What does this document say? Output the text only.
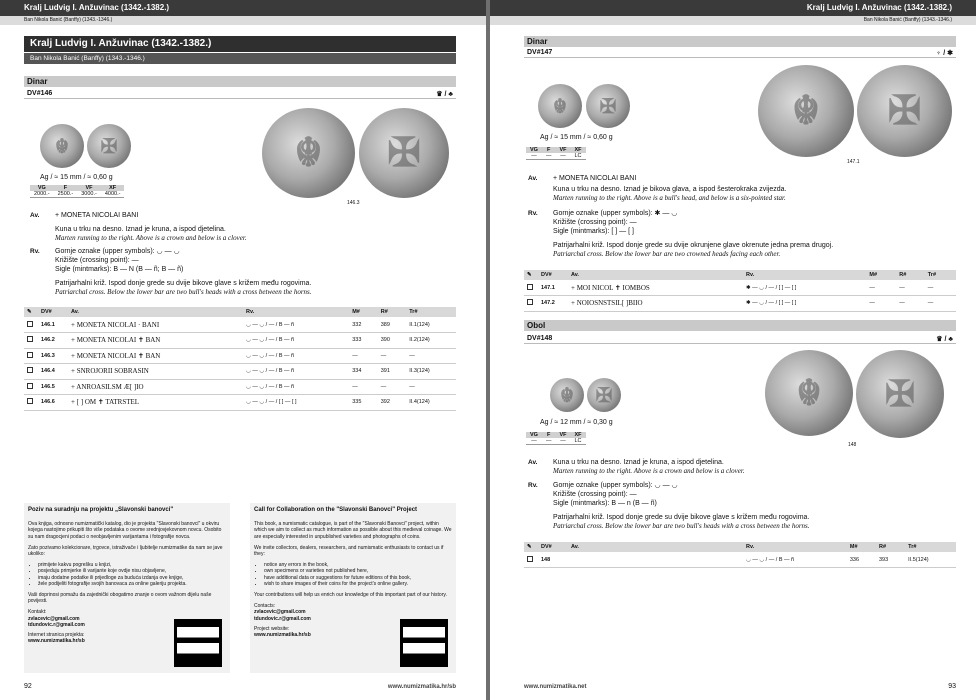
Kralj Ludvig I. Anžuvinac (1342.-1382.)
Ban Nikola Banić (Banffy) (1343.-1346.)
Kralj Ludvig I. Anžuvinac (1342.-1382.)
Ban Nikola Banić (Banffy) (1343.-1346.)
Dinar
DV#146	♛ / ♣
☬ ✠	☬ ✠
Ag / ≈ 15 mm / ≈ 0,60 g
146.3
VG	F	VF	XF
2000.-	2500.-	3000.-	4000.-
Av. + MONETA NICOLAI BANI
Kuna u trku na desno. Iznad je kruna, a ispod djetelina.
Marten running to the right. Above is a crown and below is a clover.
Rv. Gornje oznake (upper symbols): ◡ — ◡
Križište (crossing point): —
Sigle (mintmarks): B — N (B — ñ; B — ñ)
Patrijarhalni križ. Ispod donje grede su dvije bikove glave s križem među rogovima.
Patriarchal cross. Below the lower bar are two bull's heads with a cross between the horns.
✎	DV#	Av.	Rv.	M#	R#	Tr#
	146.1	+ MONETA NICOLAI · BANI	◡ — ◡ / — / B — ñ	332	389	II.1(124)
	146.2	+ MONETA NICOLAI ✝ BAN	◡ — ◡ / — / B — ñ	333	390	II.2(124)
	146.3	+ MONETA NICOLAI ✝ BAN	◡ — ◡ / — / B — ñ	—	—	—
	146.4	+ SNROJORII SOBRASIN	◡ — ◡ / — / B — ñ	334	391	II.3(124)
	146.5	+ ANROASILSM Æ[ ]IO	◡ — ◡ / — / B — ñ	—	—	—
	146.6	+ [ ] OM ✝ TATRSTEL	◡ — ◡ / — / [ ] — [ ]	335	392	II.4(124)
Poziv na suradnju na projektu „Slavonski banovci"

Ova knjiga, odnosno numizmatički katalog, dio je projekta "Slavonski banovci" u okviru kojega nastojimo prikupiti što više podataka o ovome srednjovjekovnom novcu. Osobito su nam dragocjeni podaci o neobjavljenim varijantama i fotografije novca.

Zato pozivamo kolekcionare, trgovce, istraživače i ljubitelje numizmatike da nam se jave ukoliko:

• primijete kakvu pogrešku u knjizi,
• posjeduju primjerke ili varijante koje ovdje nisu objavljene,
• imaju dodatne podatke ili prijedloge za buduća izdanja ove knjige,
• žele podijeliti fotografije svojih banovaca za online galeriju projekta.

Vaši doprinosi pomažu da zajednički obogatimo znanje o ovom važnom dijelu naše povijesti.

Kontakt:
zvlacevic@gmail.com
tdundovic.r@gmail.com
Internet stranica projekta:
www.numizmatika.hr/sb
Call for Collaboration on the "Slavonski Banovci" Project

This book, a numismatic catalogue, is part of the "Slavonski Banovci" project, within which we aim to collect as much information as possible about this medieval coinage. We are especially interested in unpublished varieties and photographs of coins.

We invite collectors, dealers, researchers, and numismatic enthusiasts to contact us if they:

• notice any errors in the book,
• own specimens or varieties not published here,
• have additional data or suggestions for future editions of this book,
• wish to share images of their coins for the project's online gallery.

Your contributions will help us enrich our knowledge of this important part of our history.

Contacts:
zvlacevic@gmail.com
tdundovic.r@gmail.com
Project website:
www.numizmatika.hr/sb
92	www.numizmatika.hr/sb
Kralj Ludvig I. Anžuvinac (1342.-1382.)
Ban Nikola Banić (Banffy) (1343.-1346.)
Dinar
DV#147	♆ / ✱
☬ ✠	☬ ✠
Ag / ≈ 15 mm / ≈ 0,60 g
147.1
VG	F	VF	XF
—	—	—	LC
Av. + MONETA NICOLAI BANI
Kuna u trku na desno. Iznad je bikova glava, a ispod šesterokraka zvijezda.
Marten running to the right. Above is a bull's head, and below is a six-pointed star.
Rv. Gornje oznake (upper symbols): ✱ — ◡
Križište (crossing point): —
Sigle (mintmarks): [ ] — [ ]
Patrijarhalni križ. Ispod donje grede su dvije okrunjene glave okrenute jedna prema drugoj.
Patriarchal cross. Below the lower bar are two crowned heads facing each other.
✎	DV#	Av.	Rv.	M#	R#	Tr#
	147.1	+ MOI NICOL ✝ IOMBOS	✱ — ◡ / — / [ ] — [ ]	—	—	—
	147.2	+ NOIOSNSTSIL[ ]BIIO	✱ — ◡ / — / [ ] — [ ]	—	—	—
Obol
DV#148	♛ / ♣
☬ ✠	☬ ✠
Ag / ≈ 12 mm / ≈ 0,30 g
148
VG	F	VF	XF
—	—	—	LC
Av. Kuna u trku na desno. Iznad je kruna, a ispod djetelina.
Marten running to the right. Above is a crown and below is a clover.
Rv. Gornje oznake (upper symbols): ◡ — ◡
Križište (crossing point): —
Sigle (mintmarks): B — n (B — ñ)
Patrijarhalni križ. Ispod donje grede su dvije bikove glave s križem među rogovima.
Patriarchal cross. Below the lower bar are two bull's heads with a cross between the horns.
✎	DV#	Av.	Rv.	M#	R#	Tr#
	148		◡ — ◡ / — / B — ñ	336	393	II.5(124)
www.numizmatika.net	93
